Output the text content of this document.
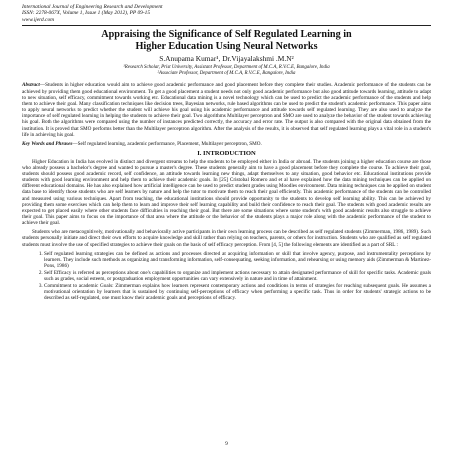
International Journal of Engineering Research and Development
ISSN: 2278-067X, Volume 1, Issue 1 (May 2012), PP 09-15
www.ijerd.com
Appraising the Significance of Self Regulated Learning in
Higher Education Using Neural Networks
S.Anupama Kumar¹, Dr.Vijayalakshmi .M.N²
¹Research Scholar, Prist University, Assistant Professor, Department of M.C.A, R.V.C.E, Bangalore, India
²Associate Professor, Department of M.C.A, R.V.C.E, Bangalore, India
Abstract—Students in higher education would aim to achieve good academic performance and good placement before they complete their studies. Academic performance of the students can be achieved by providing them good educational environment. To get a good placement a student needs not only good academic performance but also good attitude towards learning, attitude to adapt to new situation, self efficacy, commitment towards working etc. Educational data mining is a novel technology which can be used to predict the academic performance of the students and help them to achieve their goal. Many classification techniques like decision trees, Bayesian networks, rule based algorithms can be used to predict the student's academic performance. This paper aims to apply neural networks to predict whether the student will achieve his goal using his academic performance and attitude towards self regulated learning. They are also used to analyze the importance of self regulated learning in helping the students to achieve their goal. Two algorithms Multilayer perceptron and SMO are used to analyze the behavior of the student towards achieving his goal. Both the algorithms were compared using the number of instances predicted correctly, the accuracy and error rate. The output is also compared with the original data obtained from the institution. It is proved that SMO performs better than the Multilayer perceptron algorithm. After the analysis of the results, it is observed that self regulated learning plays a vital role in a student's life in achieving his goal.
Key Words and Phrases—Self regulated learning, academic performance, Placement, Multilayer perceptron, SMO.
I. INTRODUCTION

Higher Education in India has evolved in distinct and divergent streams to help the students to be employed either in India or abroad. The students joining a higher education course are those who already possess a bachelor's degree and wanted to pursue a master's degree. These students generally aim to have a good placement before they complete the course. To achieve their goal, students should possess good academic record, self confidence, an attitude towards learning new things, adapt themselves to any situation, good behavior etc. Educational institutions provide students with good learning environment and help them to achieve their academic goals. In [25] Cristobal Romero and et al have explained how the data mining techniques can be applied on different educational domains. He has also explained how artificial intelligence can be used to predict student grades using Moodles environment. Data mining techniques can be applied on student data base to identify those students who are self learners by nature and help the tutor to motivate them to reach their goal efficiently. This academic performance of the students can be controlled and measured using various techniques. Apart from teaching, the educational institutions should provide opportunity to the students to develop self learning ability. This can be achieved by providing them some exercises which can help them to learn and improve their self learning capability and build their confidence to reach their goal. The students with good academic results are expected to get placed easily where other students face difficulties in reaching their goal. But there are some situations where some student's with good academic results also struggle to achieve their goal. This paper aims to focus on the importance of that area where the attitude or the behavior of the students plays a major role along with the academic performance of the student to achieve their goal.

Students who are metacognitively, motivationally and behaviorally active participants in their own learning process can be described as self regulated students (Zimmerman, 1986, 1989). Such students personally initiate and direct their own efforts to acquire knowledge and skill rather than relying on teachers, parents, or others for instruction. Students who are qualified as self regulated students must involve the use of specified strategies to achieve their goals on the basis of self efficacy perception. From [4, 5] the following elements are identified as a part of SRL :

1. Self regulated learning strategies can be defined as actions and processes directed at acquiring information or skill that involve agency, purpose, and instrumentality perceptions by learners. They include such methods as organizing and transforming information, self-consequating, seeking information, and rehearsing or using memory aids (Zimmerman & Martinez-Pons, 1986)
2. Self Efficacy is referred as perceptions about one's capabilities to organize and implement actions necessary to attain designated performance of skill for specific tasks. Academic goals such as grades, social esteem, or postgraduation employment opportunities can vary extensively in nature and in time of attainment.
3. Commitment to academic Goals: Zimmerman explains how learners represent contemporary actions and conditions in terms of strategies for reaching subsequent goals. He assumes a motivational orientation by learners that is sustained by continuing self-perceptions of efficacy when performing a specific task. Thus in order for students' strategic actions to be described as self-regulated, one must know their academic goals and perceptions of efficacy.
9
